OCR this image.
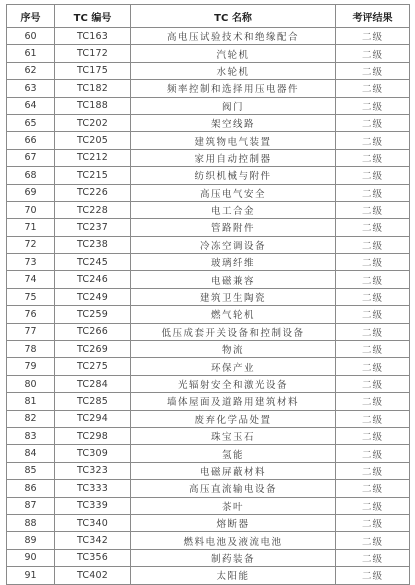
序号	TC 编号	TC 名称	考评结果
60	TC163	高电压试验技术和绝缘配合	二级
61	TC172	汽轮机	二级
62	TC175	水轮机	二级
63	TC182	频率控制和选择用压电器件	二级
64	TC188	阀门	二级
65	TC202	架空线路	二级
66	TC205	建筑物电气装置	二级
67	TC212	家用自动控制器	二级
68	TC215	纺织机械与附件	二级
69	TC226	高压电气安全	二级
70	TC228	电工合金	二级
71	TC237	管路附件	二级
72	TC238	冷冻空调设备	二级
73	TC245	玻璃纤维	二级
74	TC246	电磁兼容	二级
75	TC249	建筑卫生陶瓷	二级
76	TC259	燃气轮机	二级
77	TC266	低压成套开关设备和控制设备	二级
78	TC269	物流	二级
79	TC275	环保产业	二级
80	TC284	光辐射安全和激光设备	二级
81	TC285	墙体屋面及道路用建筑材料	二级
82	TC294	废弃化学品处置	二级
83	TC298	珠宝玉石	二级
84	TC309	氢能	二级
85	TC323	电磁屏蔽材料	二级
86	TC333	高压直流输电设备	二级
87	TC339	茶叶	二级
88	TC340	熔断器	二级
89	TC342	燃料电池及液流电池	二级
90	TC356	制药装备	二级
91	TC402	太阳能	二级
